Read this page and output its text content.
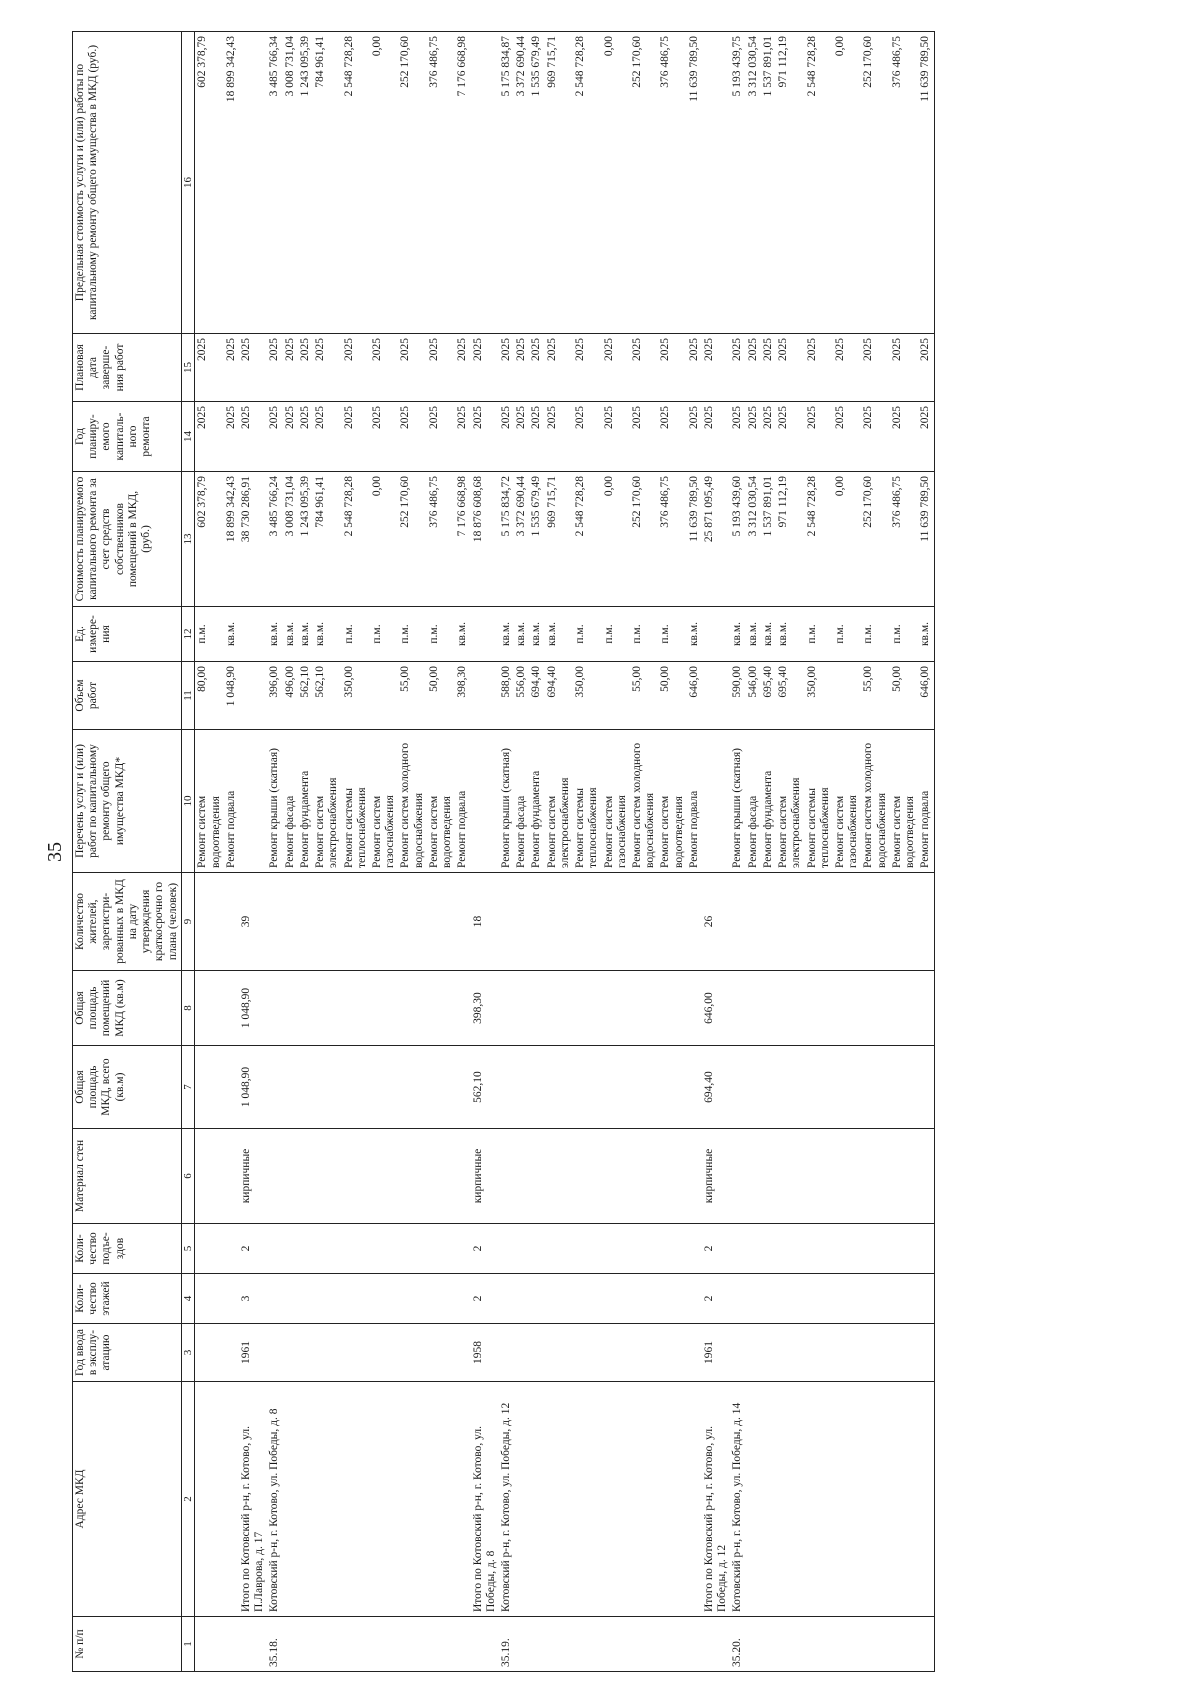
35
№ п/п	Адрес МКД	Год ввода в эксплу-атацию	Коли-чество этажей	Коли-чество подъе-здов	Материал стен	Общая площадь МКД, всего (кв.м)	Общая площадь помещений МКД (кв.м)	Количество жителей, зарегистри-рованных в МКД на дату утверждения краткосрочно го плана (человек)	Перечень услуг и (или) работ по капитальному ремонту общего имущества МКД*	Объем работ	Ед. измере-ния	Стоимость планируемого капитального ремонта за счет средств собственников помещений в МКД, (руб.)	Год планиру-емого капиталь-ного ремонта	Плановая дата заверше-ния работ	Предельная стоимость услуги и (или) работы по капитальному ремонту общего имущества в МКД (руб.)
1	2	3	4	5	6	7	8	9	10	11	12	13	14	15	16
									Ремонт систем водоотведения	80,00	п.м.	602 378,79	2025	2025	602 378,79
									Ремонт подвала	1 048,90	кв.м.	18 899 342,43	2025	2025	18 899 342,43
	Итого по Котовский р-н, г. Котово, ул. П.Лаврова, д. 17	1961	3	2	кирпичные	1 048,90	1 048,90	39				38 730 286,91	2025	2025	
35.18.	Котовский р-н, г. Котово, ул. Победы, д. 8								Ремонт крыши (скатная)	396,00	кв.м.	3 485 766,24	2025	2025	3 485 766,34
									Ремонт фасада	496,00	кв.м.	3 008 731,04	2025	2025	3 008 731,04
									Ремонт фундамента	562,10	кв.м.	1 243 095,39	2025	2025	1 243 095,39
									Ремонт систем электроснабжения	562,10	кв.м.	784 961,41	2025	2025	784 961,41
									Ремонт системы теплоснабжения	350,00	п.м.	2 548 728,28	2025	2025	2 548 728,28
									Ремонт систем газоснабжения		п.м.	0,00	2025	2025	0,00
									Ремонт систем холодного водоснабжения	55,00	п.м.	252 170,60	2025	2025	252 170,60
									Ремонт систем водоотведения	50,00	п.м.	376 486,75	2025	2025	376 486,75
									Ремонт подвала	398,30	кв.м.	7 176 668,98	2025	2025	7 176 668,98
	Итого по Котовский р-н, г. Котово, ул. Победы, д. 8	1958	2	2	кирпичные	562,10	398,30	18				18 876 608,68	2025	2025	
35.19.	Котовский р-н, г. Котово, ул. Победы, д. 12								Ремонт крыши (скатная)	588,00	кв.м.	5 175 834,72	2025	2025	5 175 834,87
									Ремонт фасада	556,00	кв.м.	3 372 690,44	2025	2025	3 372 690,44
									Ремонт фундамента	694,40	кв.м.	1 535 679,49	2025	2025	1 535 679,49
									Ремонт систем электроснабжения	694,40	кв.м.	969 715,71	2025	2025	969 715,71
									Ремонт системы теплоснабжения	350,00	п.м.	2 548 728,28	2025	2025	2 548 728,28
									Ремонт систем газоснабжения		п.м.	0,00	2025	2025	0,00
									Ремонт систем холодного водоснабжения	55,00	п.м.	252 170,60	2025	2025	252 170,60
									Ремонт систем водоотведения	50,00	п.м.	376 486,75	2025	2025	376 486,75
									Ремонт подвала	646,00	кв.м.	11 639 789,50	2025	2025	11 639 789,50
	Итого по Котовский р-н, г. Котово, ул. Победы, д. 12	1961	2	2	кирпичные	694,40	646,00	26				25 871 095,49	2025	2025	
35.20.	Котовский р-н, г. Котово, ул. Победы, д. 14								Ремонт крыши (скатная)	590,00	кв.м.	5 193 439,60	2025	2025	5 193 439,75
									Ремонт фасада	546,00	кв.м.	3 312 030,54	2025	2025	3 312 030,54
									Ремонт фундамента	695,40	кв.м.	1 537 891,01	2025	2025	1 537 891,01
									Ремонт систем электроснабжения	695,40	кв.м.	971 112,19	2025	2025	971 112,19
									Ремонт системы теплоснабжения	350,00	п.м.	2 548 728,28	2025	2025	2 548 728,28
									Ремонт систем газоснабжения		п.м.	0,00	2025	2025	0,00
									Ремонт систем холодного водоснабжения	55,00	п.м.	252 170,60	2025	2025	252 170,60
									Ремонт систем водоотведения	50,00	п.м.	376 486,75	2025	2025	376 486,75
									Ремонт подвала	646,00	кв.м.	11 639 789,50	2025	2025	11 639 789,50
